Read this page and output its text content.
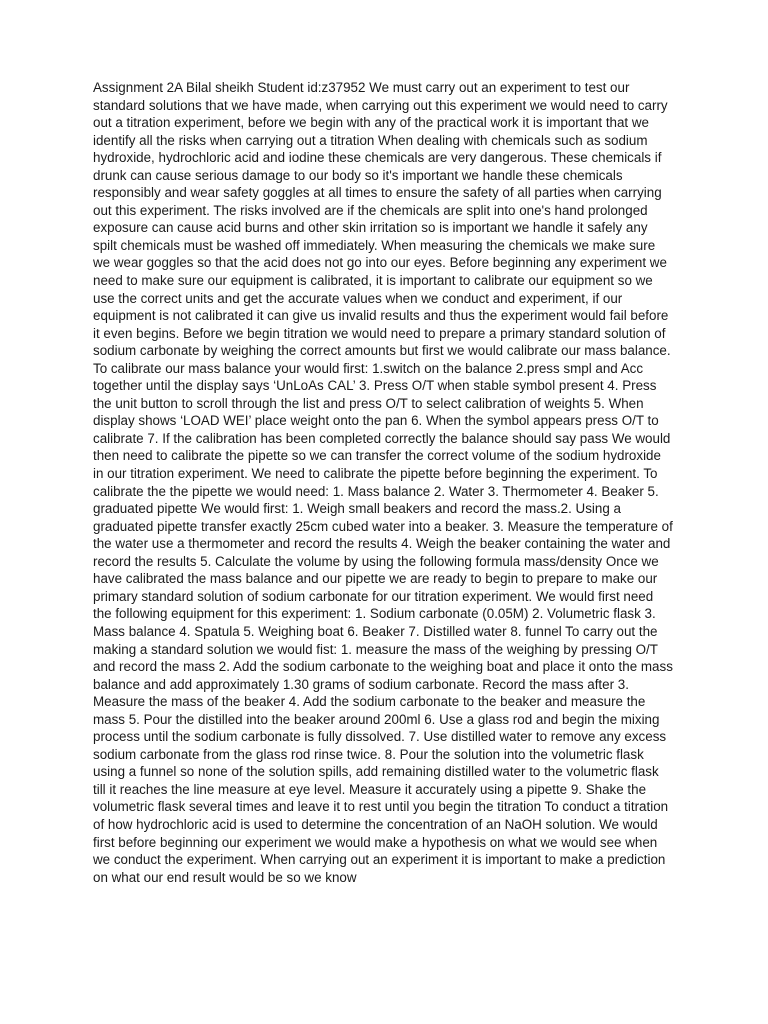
Assignment 2A Bilal sheikh Student id:z37952 We must carry out an experiment to test our standard solutions that we have made, when carrying out this experiment we would need to carry out a titration experiment, before we begin with any of the practical work it is important that we identify all the risks when carrying out a titration When dealing with chemicals such as sodium hydroxide, hydrochloric acid and iodine these chemicals are very dangerous. These chemicals if drunk can cause serious damage to our body so it's important we handle these chemicals responsibly and wear safety goggles at all times to ensure the safety of all parties when carrying out this experiment. The risks involved are if the chemicals are split into one's hand prolonged exposure can cause acid burns and other skin irritation so is important we handle it safely any spilt chemicals must be washed off immediately. When measuring the chemicals we make sure we wear goggles so that the acid does not go into our eyes. Before beginning any experiment we need to make sure our equipment is calibrated, it is important to calibrate our equipment so we use the correct units and get the accurate values when we conduct and experiment, if our equipment is not calibrated it can give us invalid results and thus the experiment would fail before it even begins. Before we begin titration we would need to prepare a primary standard solution of sodium carbonate by weighing the correct amounts but first we would calibrate our mass balance. To calibrate our mass balance your would first: 1.switch on the balance 2.press smpl and Acc together until the display says ‘UnLoAs CAL’ 3. Press O/T when stable symbol present 4. Press the unit button to scroll through the list and press O/T to select calibration of weights 5. When display shows ‘LOAD WEI’ place weight onto the pan 6. When the symbol appears press O/T to calibrate 7. If the calibration has been completed correctly the balance should say pass We would then need to calibrate the pipette so we can transfer the correct volume of the sodium hydroxide in our titration experiment. We need to calibrate the pipette before beginning the experiment. To calibrate the the pipette we would need: 1. Mass balance 2. Water 3. Thermometer 4. Beaker 5. graduated pipette We would first: 1. Weigh small beakers and record the mass.2. Using a graduated pipette transfer exactly 25cm cubed water into a beaker. 3. Measure the temperature of the water use a thermometer and record the results 4. Weigh the beaker containing the water and record the results 5. Calculate the volume by using the following formula mass/density Once we have calibrated the mass balance and our pipette we are ready to begin to prepare to make our primary standard solution of sodium carbonate for our titration experiment. We would first need the following equipment for this experiment: 1. Sodium carbonate (0.05M) 2. Volumetric flask 3. Mass balance 4. Spatula 5. Weighing boat 6. Beaker 7. Distilled water 8. funnel To carry out the making a standard solution we would fist: 1. measure the mass of the weighing by pressing O/T and record the mass 2. Add the sodium carbonate to the weighing boat and place it onto the mass balance and add approximately 1.30 grams of sodium carbonate. Record the mass after 3. Measure the mass of the beaker 4. Add the sodium carbonate to the beaker and measure the mass 5. Pour the distilled into the beaker around 200ml 6. Use a glass rod and begin the mixing process until the sodium carbonate is fully dissolved. 7. Use distilled water to remove any excess sodium carbonate from the glass rod rinse twice. 8. Pour the solution into the volumetric flask using a funnel so none of the solution spills, add remaining distilled water to the volumetric flask till it reaches the line measure at eye level. Measure it accurately using a pipette 9. Shake the volumetric flask several times and leave it to rest until you begin the titration To conduct a titration of how hydrochloric acid is used to determine the concentration of an NaOH solution. We would first before beginning our experiment we would make a hypothesis on what we would see when we conduct the experiment. When carrying out an experiment it is important to make a prediction on what our end result would be so we know
